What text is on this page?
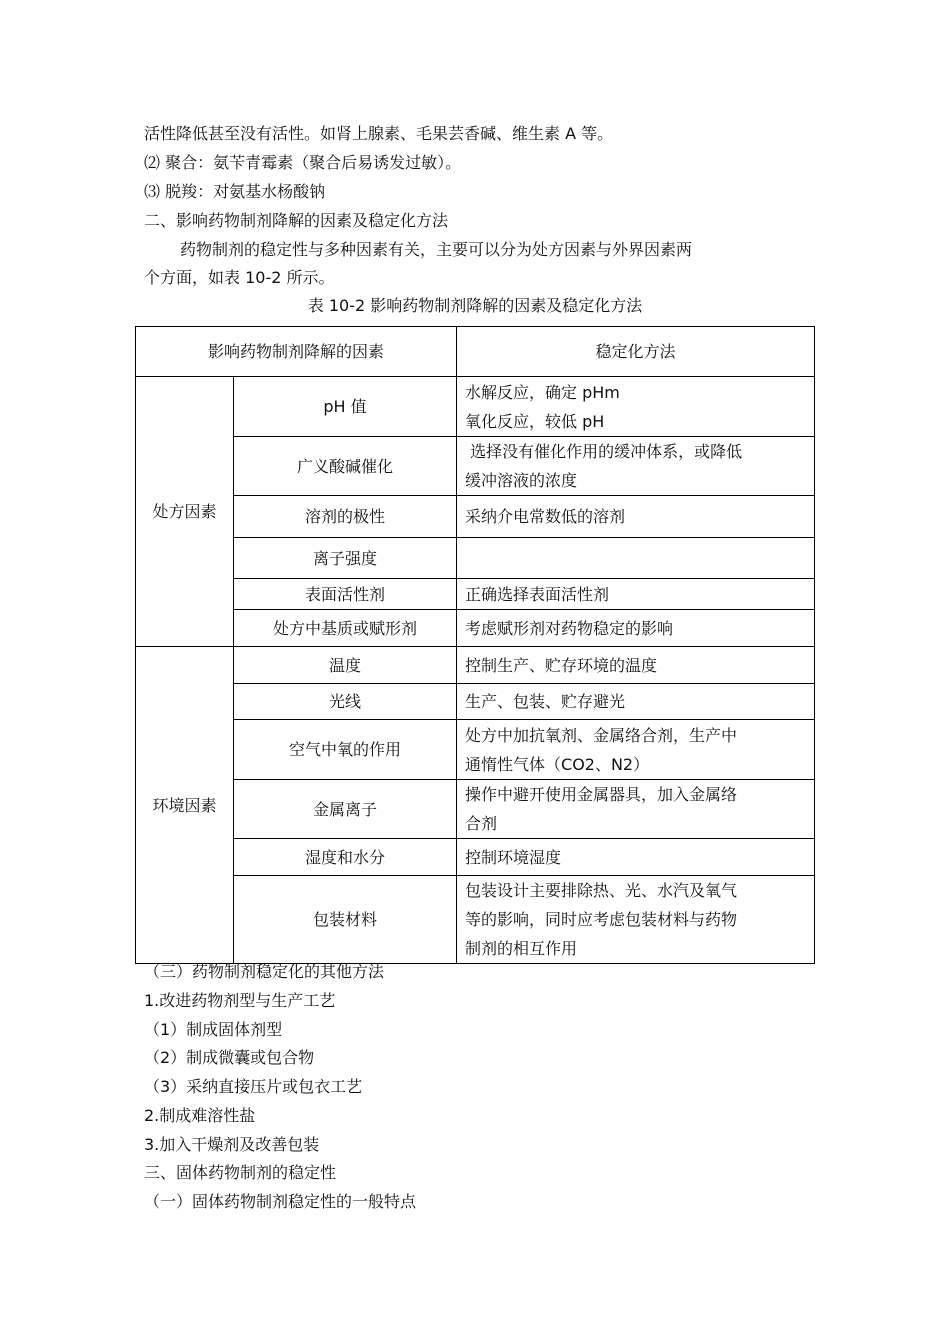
活性降低甚至没有活性。如肾上腺素、毛果芸香碱、维生素 A 等。
⑵ 聚合：氨苄青霉素（聚合后易诱发过敏）。
⑶ 脱羧：对氨基水杨酸钠
二、影响药物制剂降解的因素及稳定化方法
药物制剂的稳定性与多种因素有关，主要可以分为处方因素与外界因素两
个方面，如表 10-2 所示。
表 10-2 影响药物制剂降解的因素及稳定化方法
影响药物制剂降解的因素		稳定化方法
处方因素	pH 值	水解反应，确定 pHm
氧化反应，较低 pH

	广义酸碱催化	选择没有催化作用的缓冲体系，或降低
缓冲溶液的浓度

	溶剂的极性	采纳介电常数低的溶剂
	离子强度	
	表面活性剂	正确选择表面活性剂
	处方中基质或赋形剂	考虑赋形剂对药物稳定的影响
环境因素	温度	控制生产、贮存环境的温度
	光线	生产、包装、贮存避光
	空气中氧的作用	处方中加抗氧剂、金属络合剂，生产中
通惰性气体（CO2、N2）

	金属离子	操作中避开使用金属器具，加入金属络
合剂

	湿度和水分	控制环境湿度
	包装材料	包装设计主要排除热、光、水汽及氧气
等的影响，同时应考虑包装材料与药物
制剂的相互作用
（三）药物制剂稳定化的其他方法
1.改进药物剂型与生产工艺
（1）制成固体剂型
（2）制成微囊或包合物
（3）采纳直接压片或包衣工艺
2.制成难溶性盐
3.加入干燥剂及改善包装
三、固体药物制剂的稳定性
（一）固体药物制剂稳定性的一般特点
